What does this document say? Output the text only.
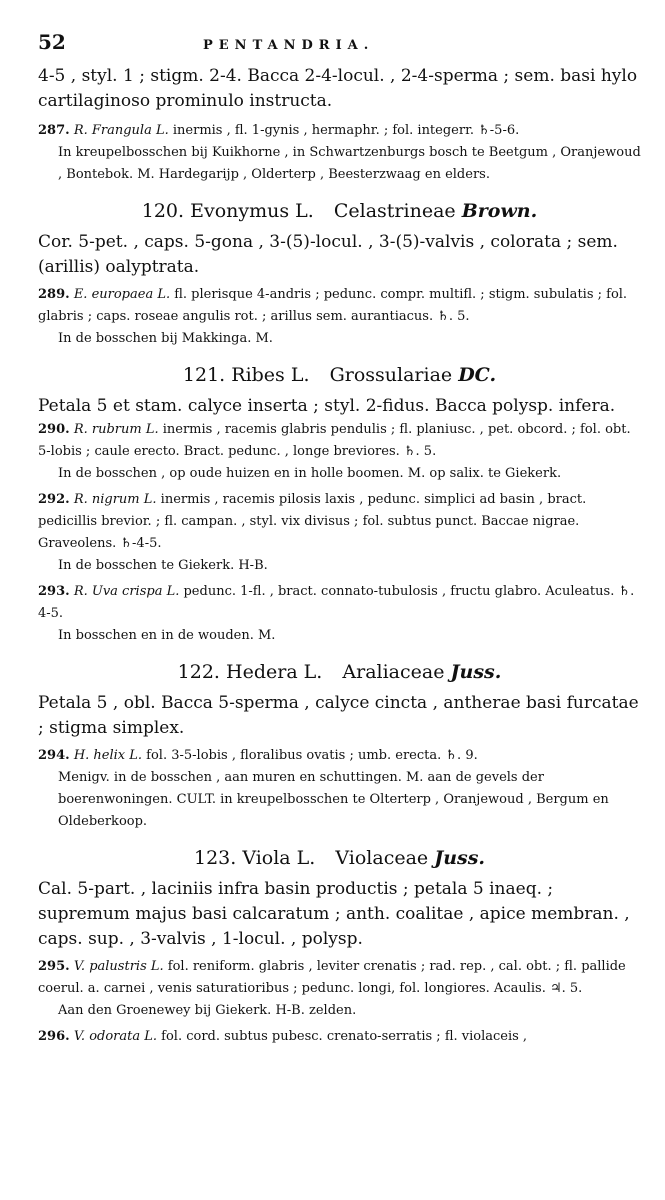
52	PENTANDRIA.

4-5 , styl. 1 ; stigm. 2-4. Bacca 2-4-locul. , 2-4-sperma ; sem. basi hylo cartilaginoso prominulo instructa.

287. R. Frangula L. inermis , fl. 1-gynis , hermaphr. ; fol. integerr. ♄-5-6.

In kreupelbosschen bij Kuikhorne , in Schwartzenburgs bosch te Beetgum , Oranjewoud , Bontebok. M. Hardegarijp , Olderterp , Beesterzwaag en elders.

120. Evonymus L. Celastrineae Brown.

Cor. 5-pet. , caps. 5-gona , 3-(5)-locul. , 3-(5)-valvis , colorata ; sem. (arillis) oalyptrata.

289. E. europaea L. fl. plerisque 4-andris ; pedunc. compr. multifl. ; stigm. subulatis ; fol. glabris ; caps. roseae angulis rot. ; arillus sem. aurantiacus. ♄. 5.

In de bosschen bij Makkinga. M.

121. Ribes L. Grossulariae DC.

Petala 5 et stam. calyce inserta ; styl. 2-fidus. Bacca polysp. infera.

290. R. rubrum L. inermis , racemis glabris pendulis ; fl. planiusc. , pet. obcord. ; fol. obt. 5-lobis ; caule erecto. Bract. pedunc. , longe breviores. ♄. 5.

In de bosschen , op oude huizen en in holle boomen. M. op salix. te Giekerk.

292. R. nigrum L. inermis , racemis pilosis laxis , pedunc. simplici ad basin , bract. pedicillis brevior. ; fl. campan. , styl. vix divisus ; fol. subtus punct. Baccae nigrae. Graveolens. ♄-4-5.

In de bosschen te Giekerk. H-B.

293. R. Uva crispa L. pedunc. 1-fl. , bract. connato-tubulosis , fructu glabro. Aculeatus. ♄. 4-5.

In bosschen en in de wouden. M.

122. Hedera L. Araliaceae Juss.

Petala 5 , obl. Bacca 5-sperma , calyce cincta , antherae basi furcatae ; stigma simplex.

294. H. helix L. fol. 3-5-lobis , floralibus ovatis ; umb. erecta. ♄. 9.

Menigv. in de bosschen , aan muren en schuttingen. M. aan de gevels der boerenwoningen. CULT. in kreupelbosschen te Olterterp , Oranjewoud , Bergum en Oldeberkoop.

123. Viola L. Violaceae Juss.

Cal. 5-part. , laciniis infra basin productis ; petala 5 inaeq. ; supremum majus basi calcaratum ; anth. coalitae , apice membran. , caps. sup. , 3-valvis , 1-locul. , polysp.

295. V. palustris L. fol. reniform. glabris , leviter crenatis ; rad. rep. , cal. obt. ; fl. pallide coerul. a. carnei , venis saturatioribus ; pedunc. longi, fol. longiores. Acaulis. ♃. 5.

Aan den Groenewey bij Giekerk. H-B. zelden.

296. V. odorata L. fol. cord. subtus pubesc. crenato-serratis ; fl. violaceis ,
